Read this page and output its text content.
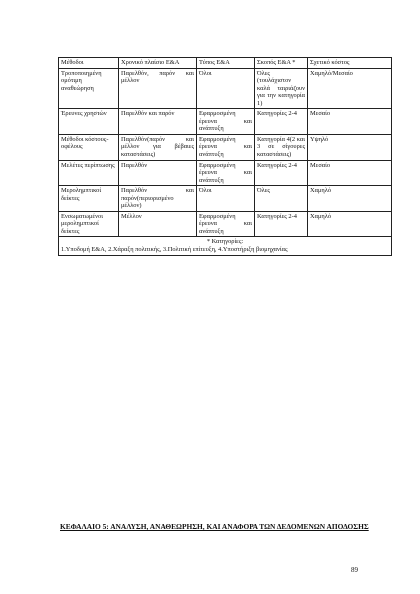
Μέθοδοι	Χρονικό πλαίσιο Ε&Α	Τύπος Ε&Α	Σκοπός Ε&Α *	Σχετικό κόστος
Τροποποιημένη ομότιμη αναθεώρηση	Παρελθόν, παρόν και μέλλον	Όλοι	Όλες (τουλάχιστον καλά ταιριάζουν για την κατηγορία 1)	Χαμηλό/Μεσαίο
Έρευνες χρηστών	Παρελθόν και παρόν	Εφαρμοσμένη έρευνα και ανάπτυξη	Κατηγορίες 2-4	Μεσαίο
Μέθοδοι κόστους-οφέλους	Παρελθόν(παρόν και μέλλον για βέβαιες καταστάσεις)	Εφαρμοσμένη έρευνα και ανάπτυξη	Κατηγορία 4(2 και 3 σε σίγουρες καταστάσεις)	Υψηλό
Μελέτες περίπτωσης	Παρελθόν	Εφαρμοσμένη έρευνα και ανάπτυξη	Κατηγορίες 2-4	Μεσαίο
Μερολημπτικοί δείκτες	Παρελθόν και παρόν(περιορισμένο μέλλον)	Όλοι	Όλες	Χαμηλό
Ενσωματωμένοι μερολημπτικοί δείκτες	Μέλλον	Εφαρμοσμένη έρευνα και ανάπτυξη	Κατηγορίες 2-4	Χαμηλό

* Κατηγορίες:
1.Υποδομή Ε&Α, 2.Χάραξη πολιτικής, 3.Πολιτική επίτευξη, 4.Υποστήριξη βιομηχανίας				
ΚΕΦΑΛΑΙΟ 5: ΑΝΑΛΥΣΗ, ΑΝΑΘΕΩΡΗΣΗ, ΚΑΙ ΑΝΑΦΟΡΑ ΤΩΝ ΔΕΔΟΜΕΝΩΝ ΑΠΟΔΟΣΗΣ
89
